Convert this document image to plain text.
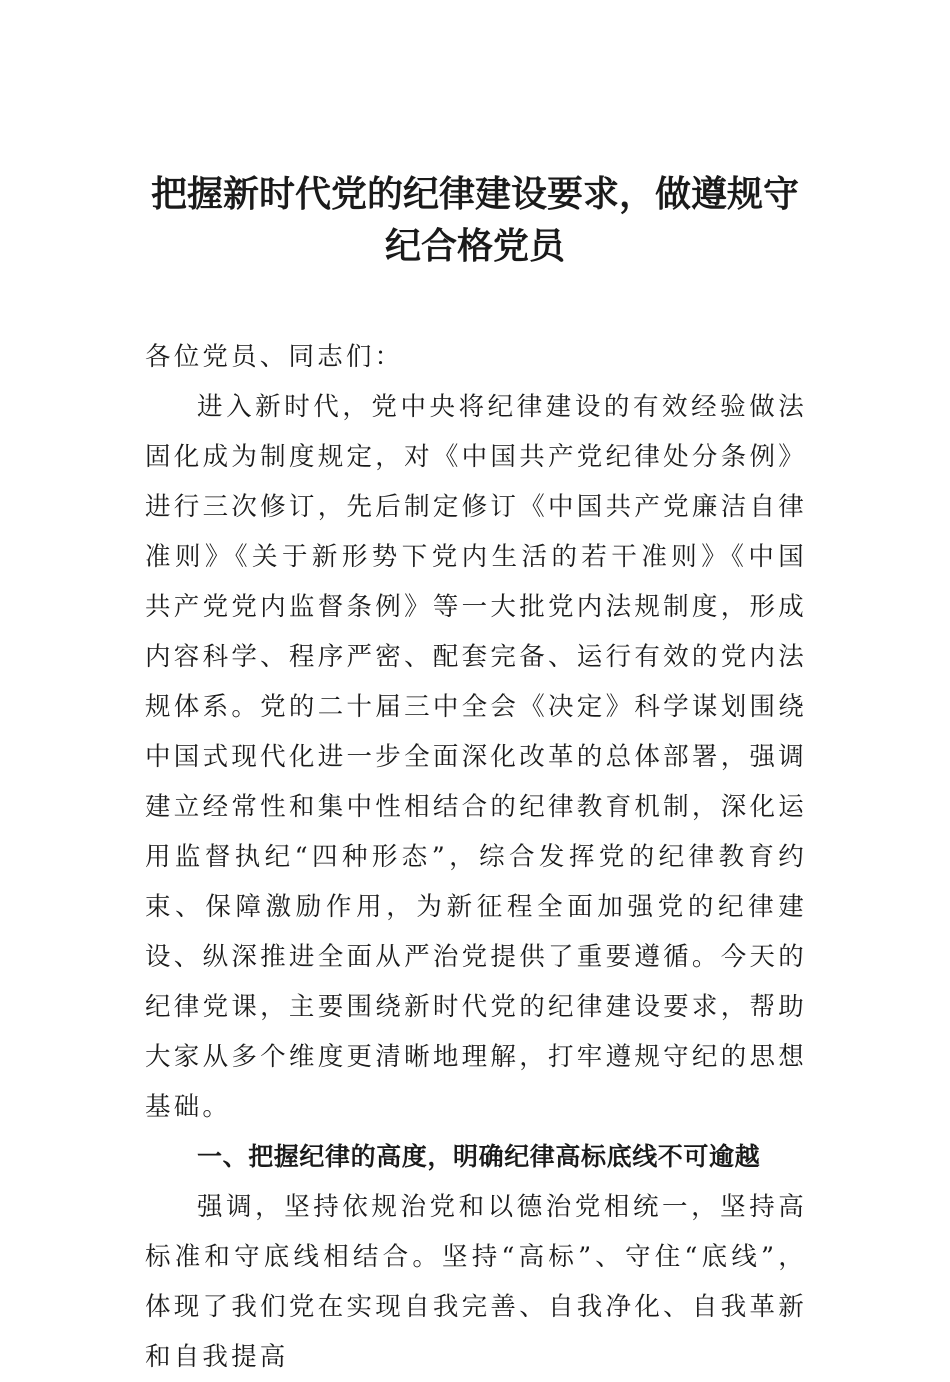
把握新时代党的纪律建设要求，做遵规守
纪合格党员

各位党员、同志们：

进入新时代，党中央将纪律建设的有效经验做法固化成为制度规定，对《中国共产党纪律处分条例》进行三次修订，先后制定修订《中国共产党廉洁自律准则》《关于新形势下党内生活的若干准则》《中国共产党党内监督条例》等一大批党内法规制度，形成内容科学、程序严密、配套完备、运行有效的党内法规体系。党的二十届三中全会《决定》科学谋划围绕中国式现代化进一步全面深化改革的总体部署，强调建立经常性和集中性相结合的纪律教育机制，深化运用监督执纪“四种形态”，综合发挥党的纪律教育约束、保障激励作用，为新征程全面加强党的纪律建设、纵深推进全面从严治党提供了重要遵循。今天的纪律党课，主要围绕新时代党的纪律建设要求，帮助大家从多个维度更清晰地理解，打牢遵规守纪的思想基础。

一、把握纪律的高度，明确纪律高标底线不可逾越

强调，坚持依规治党和以德治党相统一，坚持高标准和守底线相结合。坚持“高标”、守住“底线”，体现了我们党在实现自我完善、自我净化、自我革新和自我提高
